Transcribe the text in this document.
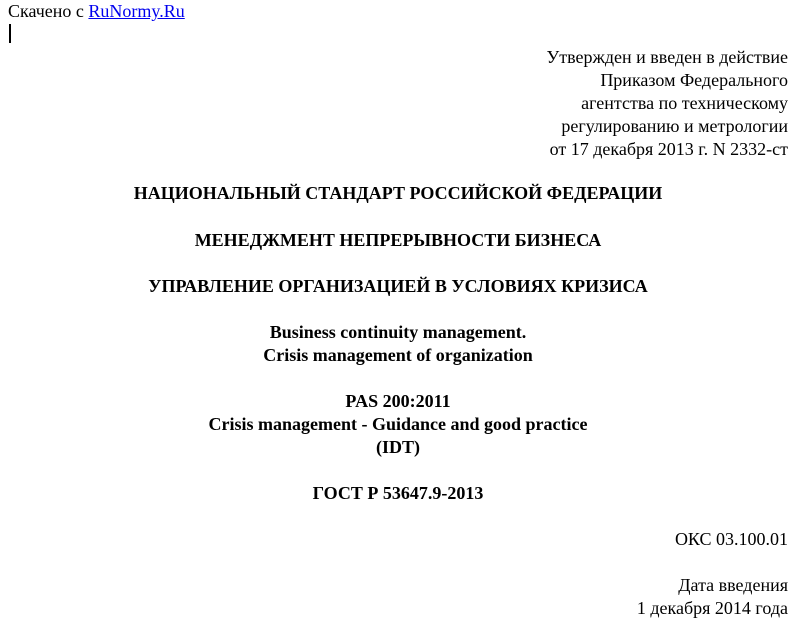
Скачено с RuNormy.Ru
Утвержден и введен в действие
Приказом Федерального
агентства по техническому
регулированию и метрологии
от 17 декабря 2013 г. N 2332-ст
НАЦИОНАЛЬНЫЙ СТАНДАРТ РОССИЙСКОЙ ФЕДЕРАЦИИ
МЕНЕДЖМЕНТ НЕПРЕРЫВНОСТИ БИЗНЕСА
УПРАВЛЕНИЕ ОРГАНИЗАЦИЕЙ В УСЛОВИЯХ КРИЗИСА
Business continuity management.
Crisis management of organization
PAS 200:2011
Crisis management - Guidance and good practice
(IDT)
ГОСТ Р 53647.9-2013
ОКС 03.100.01
Дата введения
1 декабря 2014 года
